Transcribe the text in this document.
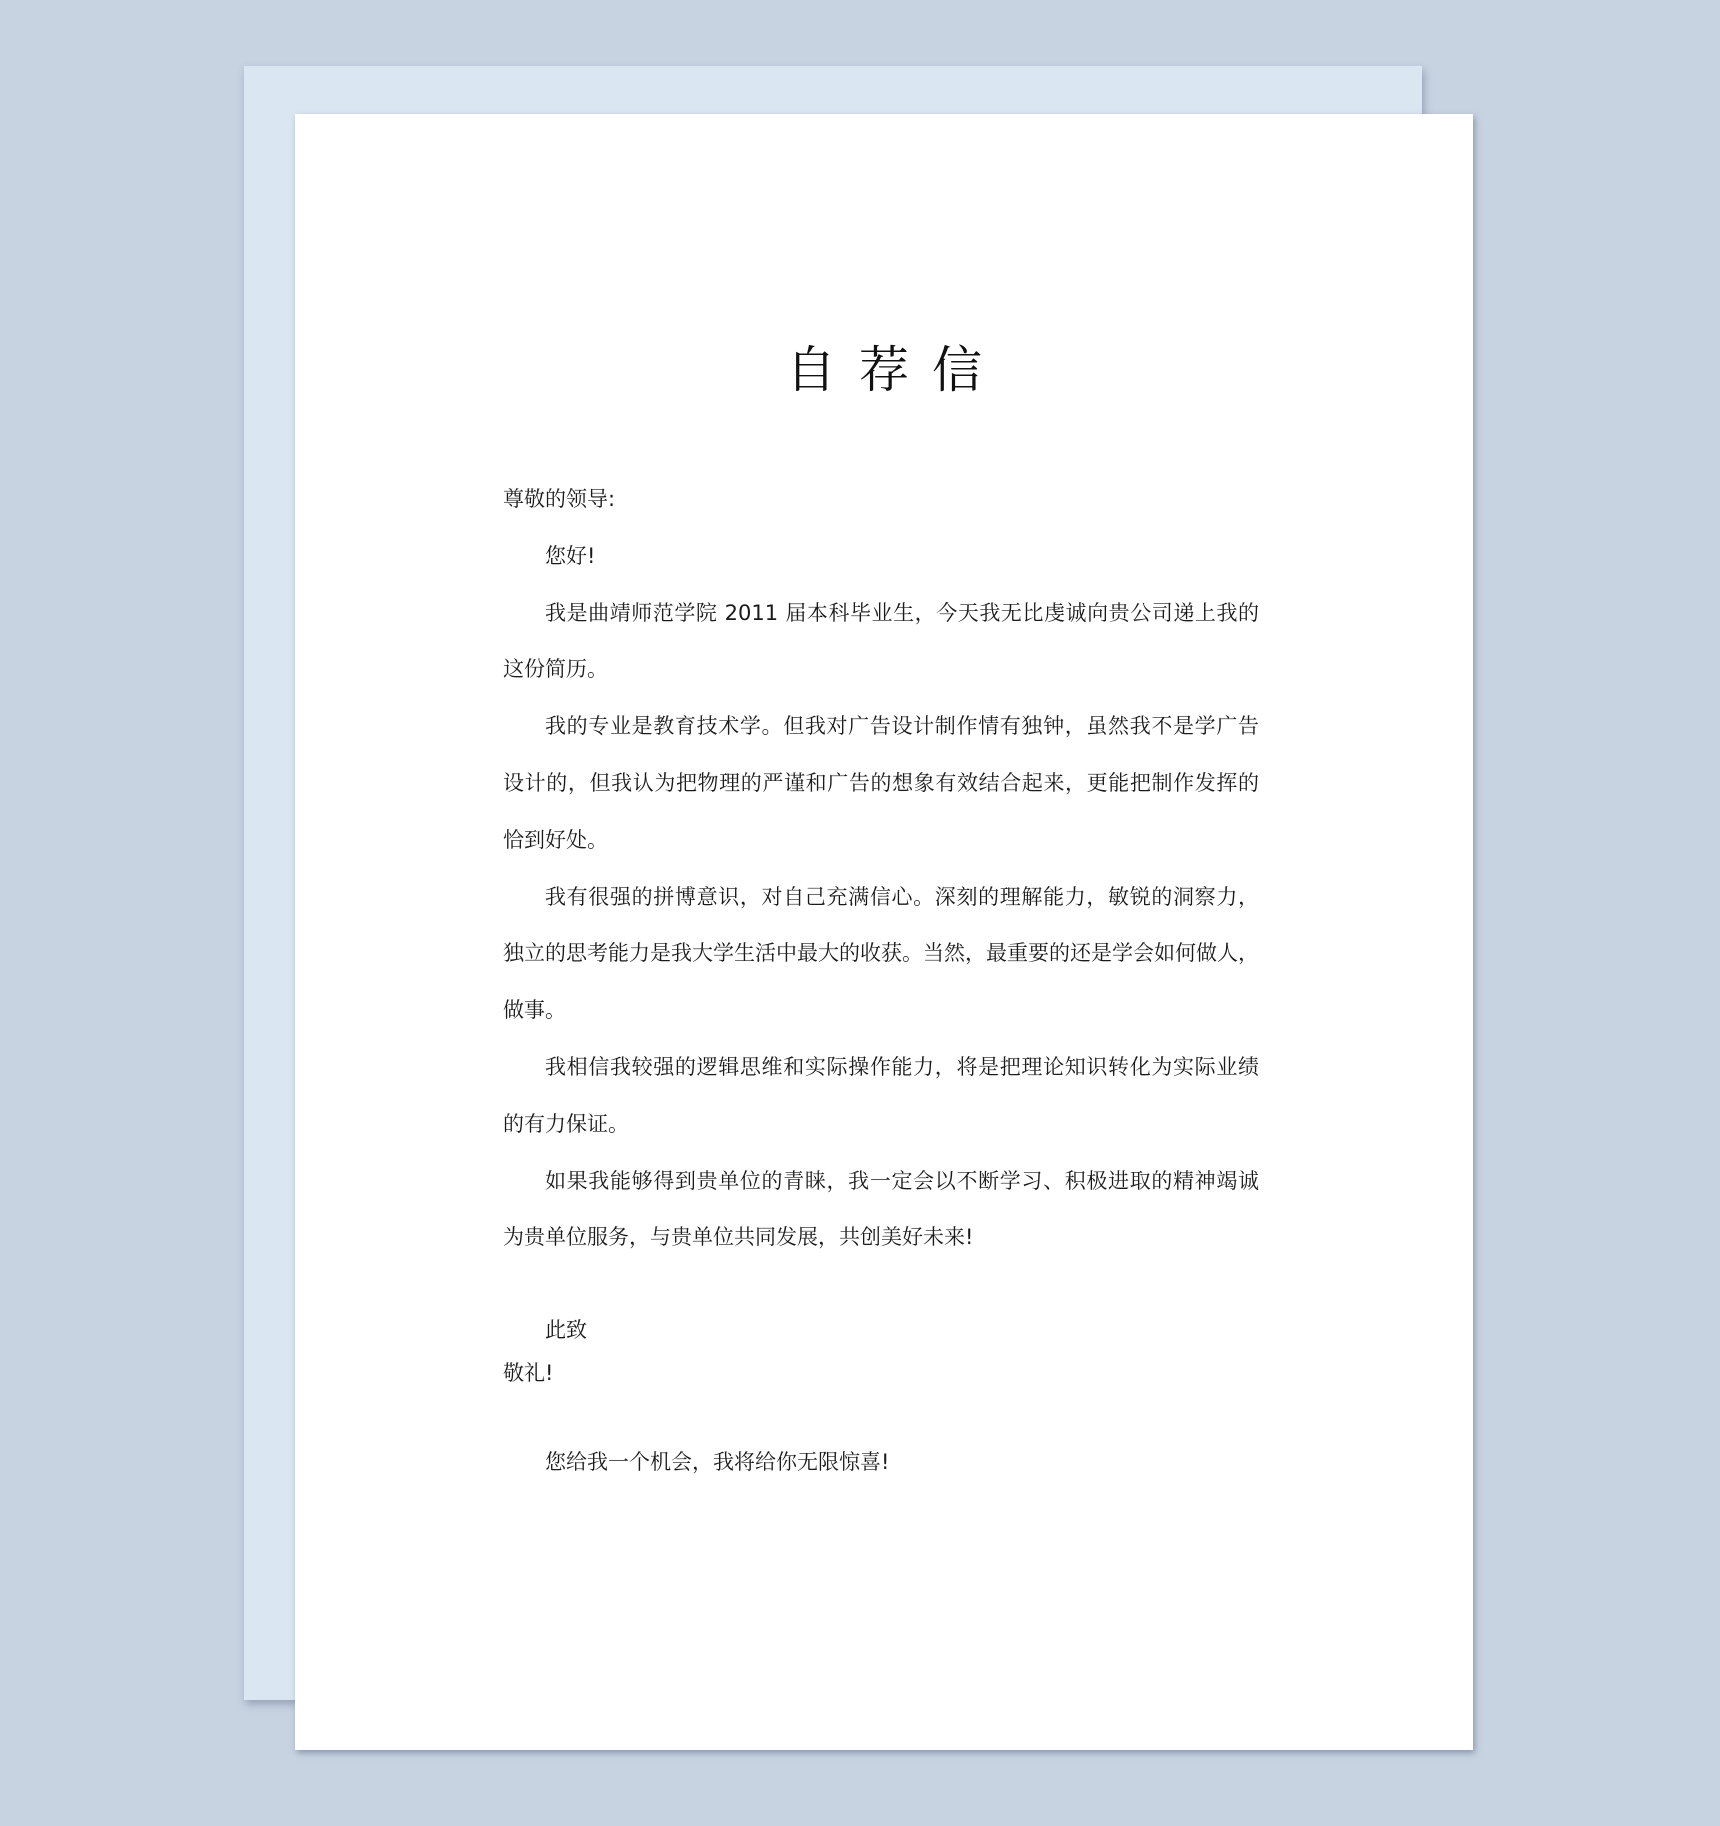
自荐信
尊敬的领导:
您好!
我是曲靖师范学院 2011 届本科毕业生，今天我无比虔诚向贵公司递上我的
这份简历。
我的专业是教育技术学。但我对广告设计制作情有独钟，虽然我不是学广告
设计的，但我认为把物理的严谨和广告的想象有效结合起来，更能把制作发挥的
恰到好处。
我有很强的拼博意识，对自己充满信心。深刻的理解能力，敏锐的洞察力，
独立的思考能力是我大学生活中最大的收获。当然，最重要的还是学会如何做人，
做事。
我相信我较强的逻辑思维和实际操作能力，将是把理论知识转化为实际业绩
的有力保证。
如果我能够得到贵单位的青睐，我一定会以不断学习、积极进取的精神竭诚
为贵单位服务，与贵单位共同发展，共创美好未来!
此致
敬礼!
您给我一个机会，我将给你无限惊喜!
